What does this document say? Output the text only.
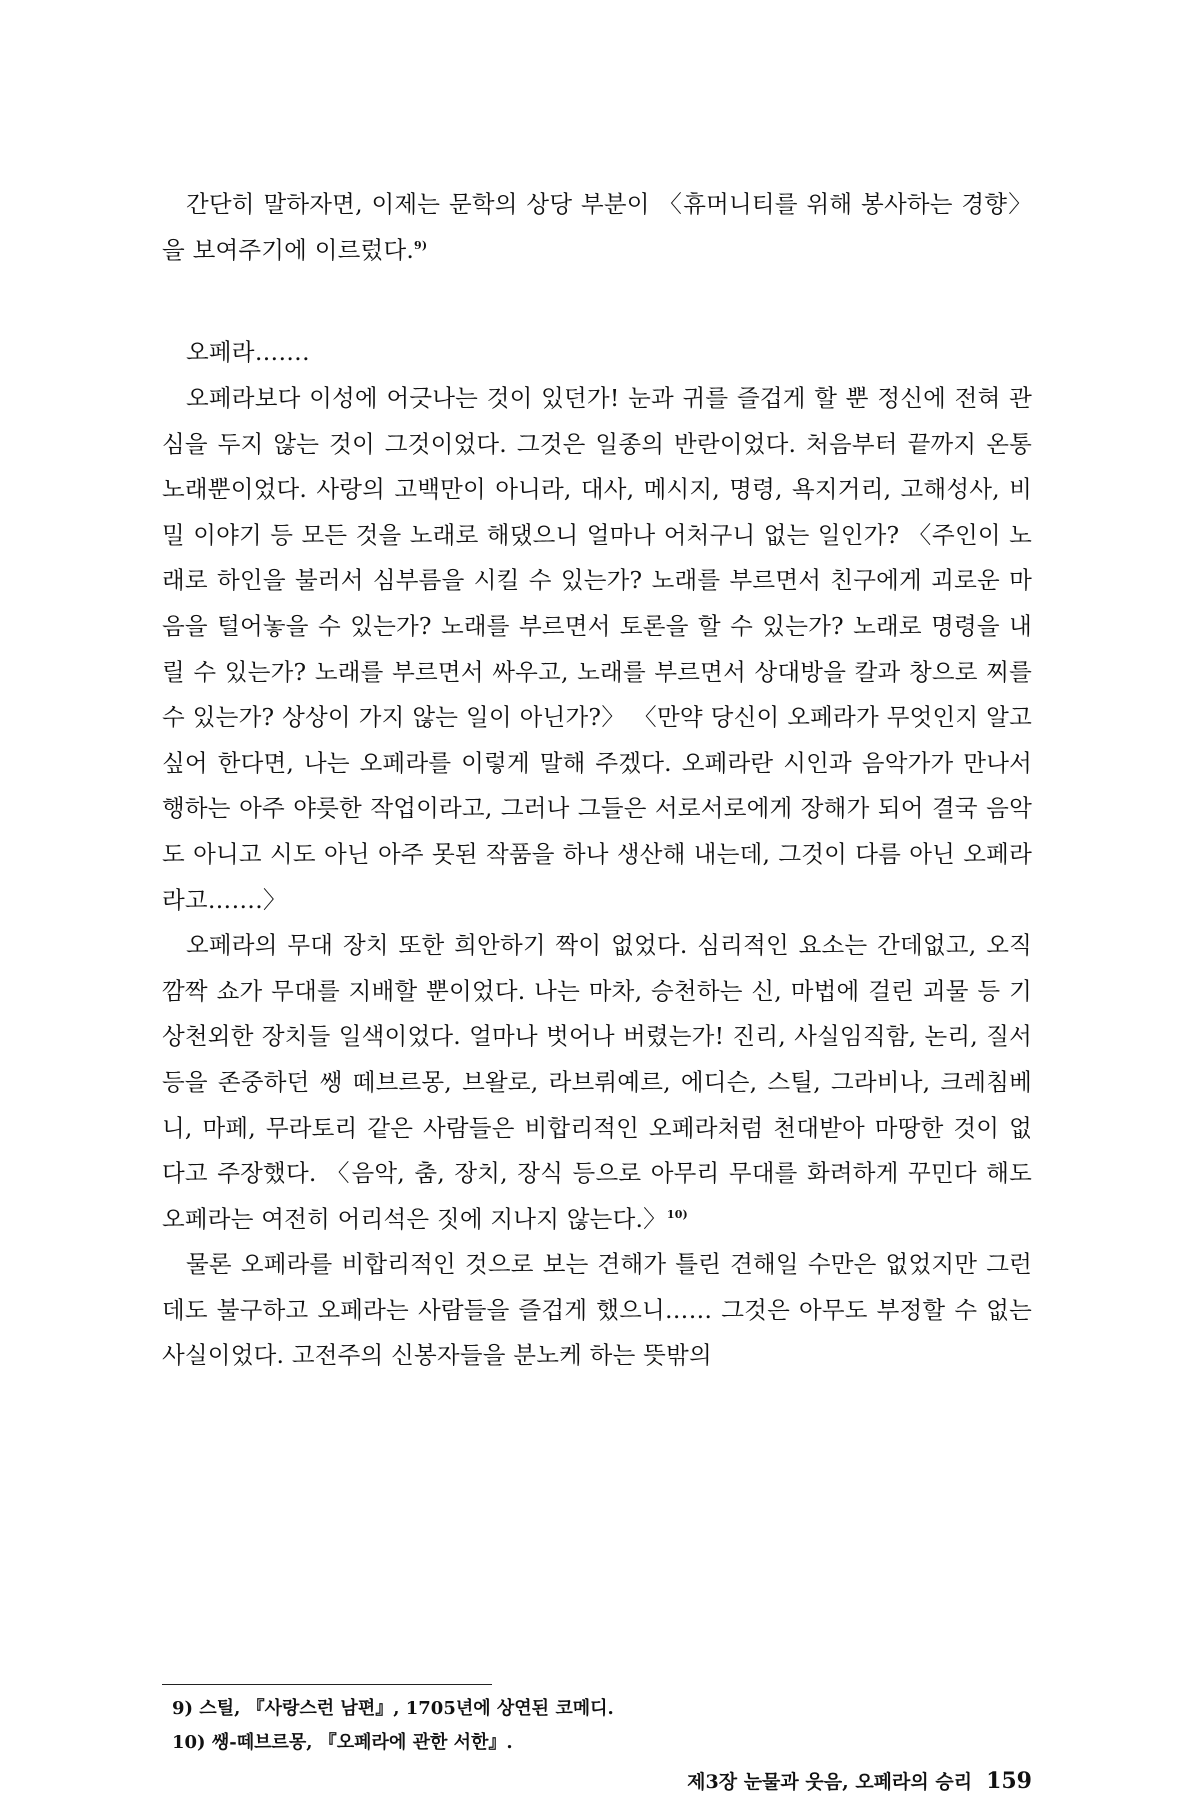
간단히 말하자면, 이제는 문학의 상당 부분이 〈휴머니티를 위해 봉사하는 경향〉을 보여주기에 이르렀다.$^{9)}$

오페라…….

오페라보다 이성에 어긋나는 것이 있던가! 눈과 귀를 즐겁게 할 뿐 정신에 전혀 관심을 두지 않는 것이 그것이었다. 그것은 일종의 반란이었다. 처음부터 끝까지 온통 노래뿐이었다. 사랑의 고백만이 아니라, 대사, 메시지, 명령, 욕지거리, 고해성사, 비밀 이야기 등 모든 것을 노래로 해댔으니 얼마나 어처구니 없는 일인가? 〈주인이 노래로 하인을 불러서 심부름을 시킬 수 있는가? 노래를 부르면서 친구에게 괴로운 마음을 털어놓을 수 있는가? 노래를 부르면서 토론을 할 수 있는가? 노래로 명령을 내릴 수 있는가? 노래를 부르면서 싸우고, 노래를 부르면서 상대방을 칼과 창으로 찌를 수 있는가? 상상이 가지 않는 일이 아닌가?〉 〈만약 당신이 오페라가 무엇인지 알고 싶어 한다면, 나는 오페라를 이렇게 말해 주겠다. 오페라란 시인과 음악가가 만나서 행하는 아주 야릇한 작업이라고, 그러나 그들은 서로서로에게 장해가 되어 결국 음악도 아니고 시도 아닌 아주 못된 작품을 하나 생산해 내는데, 그것이 다름 아닌 오페라라고…….〉

오페라의 무대 장치 또한 희안하기 짝이 없었다. 심리적인 요소는 간데없고, 오직 깜짝 쇼가 무대를 지배할 뿐이었다. 나는 마차, 승천하는 신, 마법에 걸린 괴물 등 기상천외한 장치들 일색이었다. 얼마나 벗어나 버렸는가! 진리, 사실임직함, 논리, 질서 등을 존중하던 쌩 떼브르몽, 브왈로, 라브뤼예르, 에디슨, 스틸, 그라비나, 크레침베니, 마페, 무라토리 같은 사람들은 비합리적인 오페라처럼 천대받아 마땅한 것이 없다고 주장했다. 〈음악, 춤, 장치, 장식 등으로 아무리 무대를 화려하게 꾸민다 해도 오페라는 여전히 어리석은 짓에 지나지 않는다.〉$^{10)}$

물론 오페라를 비합리적인 것으로 보는 견해가 틀린 견해일 수만은 없었지만 그런데도 불구하고 오페라는 사람들을 즐겁게 했으니…… 그것은 아무도 부정할 수 없는 사실이었다. 고전주의 신봉자들을 분노케 하는 뜻밖의

9) 스틸, 『사랑스런 남편』, 1705년에 상연된 코메디.
10) 쌩-떼브르몽, 『오페라에 관한 서한』.
제3장 눈물과 웃음, 오페라의 승리 159
